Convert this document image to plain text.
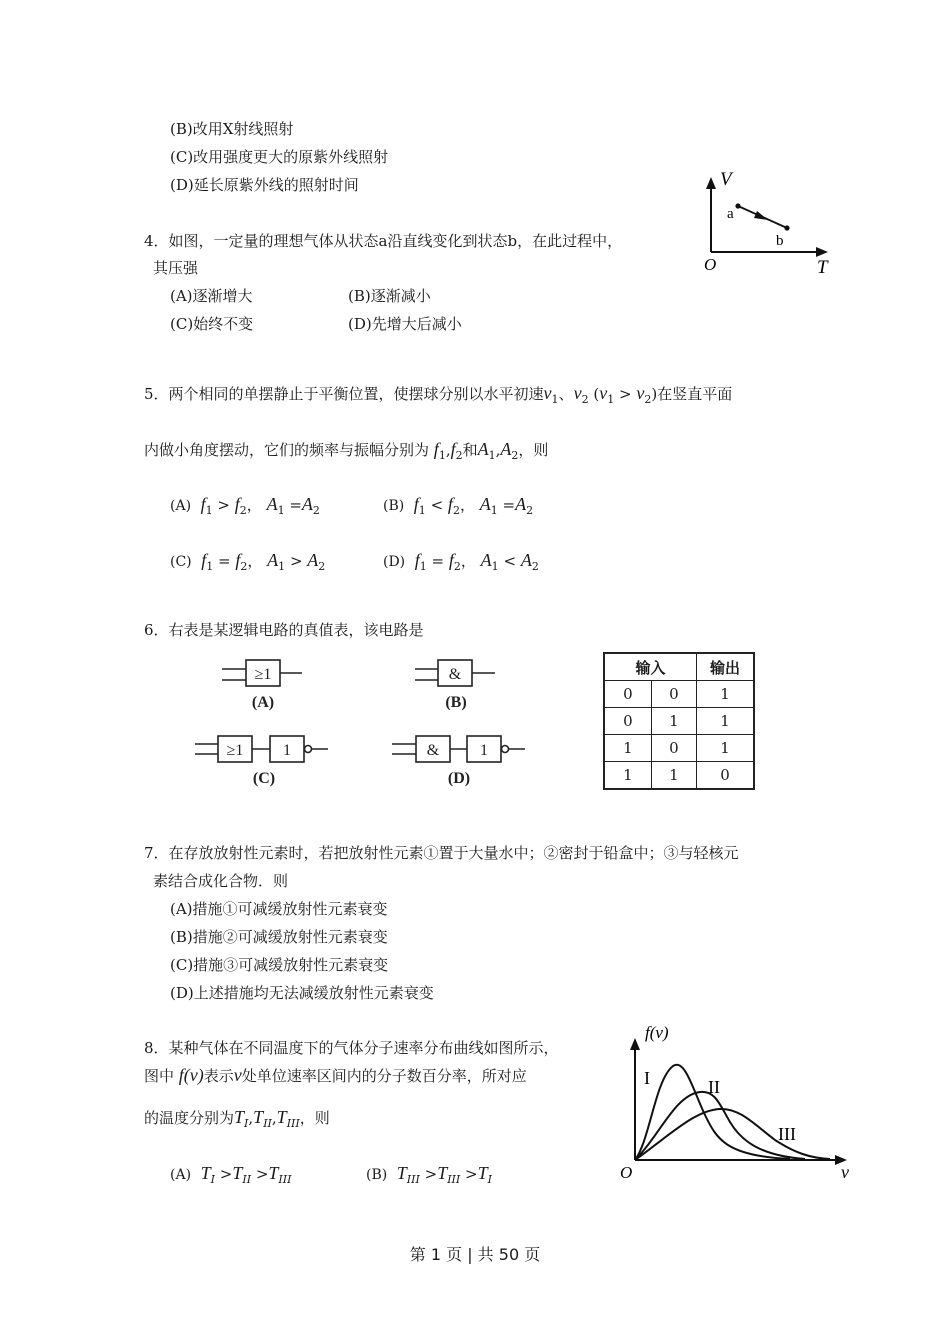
(B)改用X射线照射
(C)改用强度更大的原紫外线照射
(D)延长原紫外线的照射时间
4．如图，一定量的理想气体从状态a沿直线变化到状态b，在此过程中，
其压强
(A)逐渐增大	(B)逐渐减小
(C)始终不变	(D)先增大后减小
V
T
O
a
b
5．两个相同的单摆静止于平衡位置，使摆球分别以水平初速$v_1$、$v_2$ $(v_1 > v_2)$在竖直平面
内做小角度摆动，它们的频率与振幅分别为 $f_1,f_2$和$A_1,A_2$，则
(A) $f_1 > f_2$， $A_1 =A_2$	(B) $f_1 < f_2$， $A_1 =A_2$
(C) $f_1 = f_2$， $A_1 > A_2$	(D) $f_1 = f_2$， $A_1 < A_2$
6．右表是某逻辑电路的真值表，该电路是
≥1	&
≥1 1	&	1
(A)	(B)
(C)	(D)
输入		输出
0	0	1
0	1	1
1	0	1
1	1	0
7．在存放放射性元素时，若把放射性元素①置于大量水中；②密封于铅盒中；③与轻核元
素结合成化合物．则
(A)措施①可减缓放射性元素衰变
(B)措施②可减缓放射性元素衰变
(C)措施③可减缓放射性元素衰变
(D)上述措施均无法减缓放射性元素衰变
8．某种气体在不同温度下的气体分子速率分布曲线如图所示，
图中 f(v)表示v处单位速率区间内的分子数百分率，所对应
的温度分别为$T_I,T_{II},T_{III}$，则
(A) $T_I >T_{II} >T_{III}$	(B) $T_{III} >T_{III} >T_I$
f(v)
v
O
I	II
III
第 1 页 | 共 50 页
